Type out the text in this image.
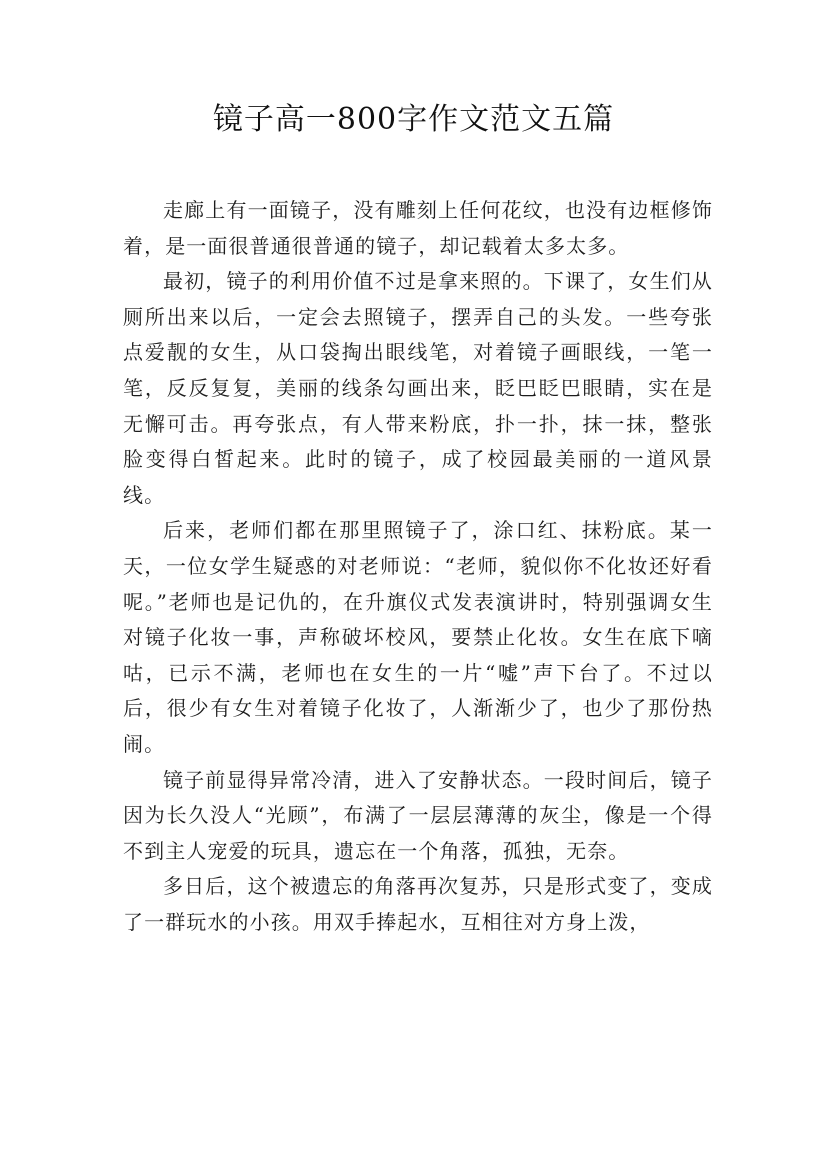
镜子高一800字作文范文五篇

走廊上有一面镜子，没有雕刻上任何花纹，也没有边框修饰着，是一面很普通很普通的镜子，却记载着太多太多。

最初，镜子的利用价值不过是拿来照的。下课了，女生们从厕所出来以后，一定会去照镜子，摆弄自己的头发。一些夸张点爱靓的女生，从口袋掏出眼线笔，对着镜子画眼线，一笔一笔，反反复复，美丽的线条勾画出来，眨巴眨巴眼睛，实在是无懈可击。再夸张点，有人带来粉底，扑一扑，抹一抹，整张脸变得白皙起来。此时的镜子，成了校园最美丽的一道风景线。

后来，老师们都在那里照镜子了，涂口红、抹粉底。某一天，一位女学生疑惑的对老师说：“老师，貌似你不化妆还好看呢。”老师也是记仇的，在升旗仪式发表演讲时，特别强调女生对镜子化妆一事，声称破坏校风，要禁止化妆。女生在底下嘀咕，已示不满，老师也在女生的一片“嘘”声下台了。不过以后，很少有女生对着镜子化妆了，人渐渐少了，也少了那份热闹。

镜子前显得异常冷清，进入了安静状态。一段时间后，镜子因为长久没人“光顾”，布满了一层层薄薄的灰尘，像是一个得不到主人宠爱的玩具，遗忘在一个角落，孤独，无奈。

多日后，这个被遗忘的角落再次复苏，只是形式变了，变成了一群玩水的小孩。用双手捧起水，互相往对方身上泼，
